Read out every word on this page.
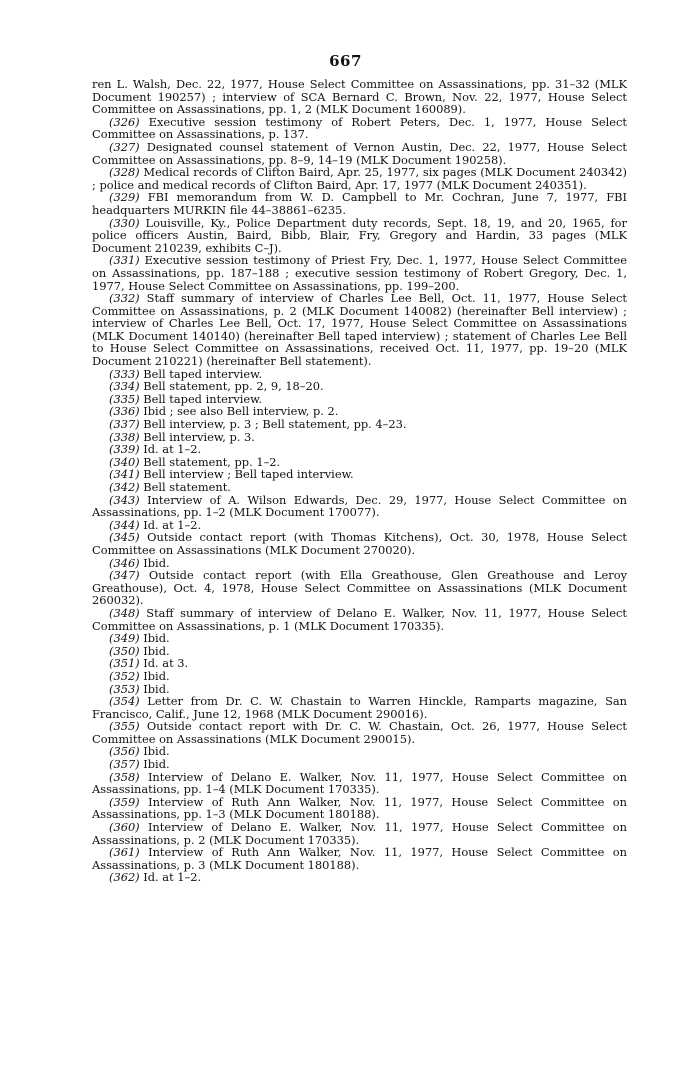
667

ren L. Walsh, Dec. 22, 1977, House Select Committee on Assassinations, pp. 31–32 (MLK Document 190257) ; interview of SCA Bernard C. Brown, Nov. 22, 1977, House Select Committee on Assassinations, pp. 1, 2 (MLK Document 160089).

(326) Executive session testimony of Robert Peters, Dec. 1, 1977, House Select Committee on Assassinations, p. 137.

(327) Designated counsel statement of Vernon Austin, Dec. 22, 1977, House Select Committee on Assassinations, pp. 8–9, 14–19 (MLK Document 190258).

(328) Medical records of Clifton Baird, Apr. 25, 1977, six pages (MLK Document 240342) ; police and medical records of Clifton Baird, Apr. 17, 1977 (MLK Document 240351).

(329) FBI memorandum from W. D. Campbell to Mr. Cochran, June 7, 1977, FBI headquarters MURKIN file 44–38861–6235.

(330) Louisville, Ky., Police Department duty records, Sept. 18, 19, and 20, 1965, for police officers Austin, Baird, Bibb, Blair, Fry, Gregory and Hardin, 33 pages (MLK Document 210239, exhibits C–J).

(331) Executive session testimony of Priest Fry, Dec. 1, 1977, House Select Committee on Assassinations, pp. 187–188 ; executive session testimony of Robert Gregory, Dec. 1, 1977, House Select Committee on Assassinations, pp. 199–200.

(332) Staff summary of interview of Charles Lee Bell, Oct. 11, 1977, House Select Committee on Assassinations, p. 2 (MLK Document 140082) (hereinafter Bell interview) ; interview of Charles Lee Bell, Oct. 17, 1977, House Select Committee on Assassinations (MLK Document 140140) (hereinafter Bell taped interview) ; statement of Charles Lee Bell to House Select Committee on Assassinations, received Oct. 11, 1977, pp. 19–20 (MLK Document 210221) (hereinafter Bell statement).

(333) Bell taped interview.

(334) Bell statement, pp. 2, 9, 18–20.

(335) Bell taped interview.

(336) Ibid ; see also Bell interview, p. 2.

(337) Bell interview, p. 3 ; Bell statement, pp. 4–23.

(338) Bell interview, p. 3.

(339) Id. at 1–2.

(340) Bell statement, pp. 1–2.

(341) Bell interview ; Bell taped interview.

(342) Bell statement.

(343) Interview of A. Wilson Edwards, Dec. 29, 1977, House Select Committee on Assassinations, pp. 1–2 (MLK Document 170077).

(344) Id. at 1–2.

(345) Outside contact report (with Thomas Kitchens), Oct. 30, 1978, House Select Committee on Assassinations (MLK Document 270020).

(346) Ibid.

(347) Outside contact report (with Ella Greathouse, Glen Greathouse and Leroy Greathouse), Oct. 4, 1978, House Select Committee on Assassinations (MLK Document 260032).

(348) Staff summary of interview of Delano E. Walker, Nov. 11, 1977, House Select Committee on Assassinations, p. 1 (MLK Document 170335).

(349) Ibid.

(350) Ibid.

(351) Id. at 3.

(352) Ibid.

(353) Ibid.

(354) Letter from Dr. C. W. Chastain to Warren Hinckle, Ramparts magazine, San Francisco, Calif., June 12, 1968 (MLK Document 290016).

(355) Outside contact report with Dr. C. W. Chastain, Oct. 26, 1977, House Select Committee on Assassinations (MLK Document 290015).

(356) Ibid.

(357) Ibid.

(358) Interview of Delano E. Walker, Nov. 11, 1977, House Select Committee on Assassinations, pp. 1–4 (MLK Document 170335).

(359) Interview of Ruth Ann Walker, Nov. 11, 1977, House Select Committee on Assassinations, pp. 1–3 (MLK Document 180188).

(360) Interview of Delano E. Walker, Nov. 11, 1977, House Select Committee on Assassinations, p. 2 (MLK Document 170335).

(361) Interview of Ruth Ann Walker, Nov. 11, 1977, House Select Committee on Assassinations, p. 3 (MLK Document 180188).

(362) Id. at 1–2.
